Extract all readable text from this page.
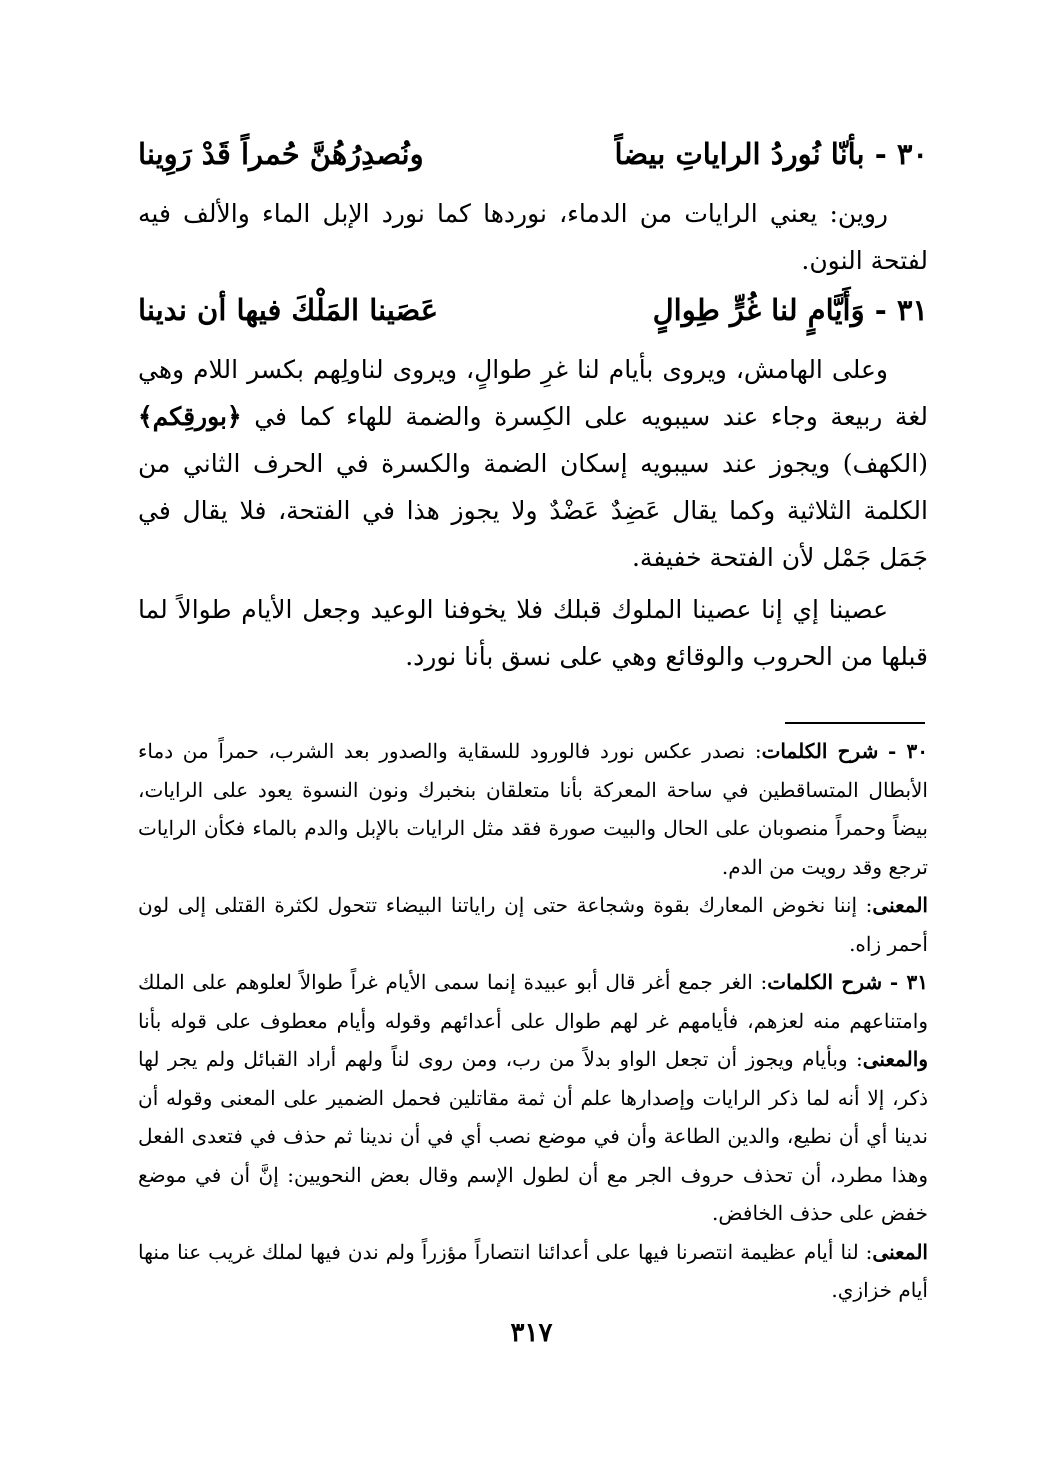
٣٠ - بأنّا نُوردُ الراياتِ بيضاً
ونُصدِرُهُنَّ حُمراً قَدْ رَوِينا
روين: يعني الرايات من الدماء، نوردها كما نورد الإبل الماء والألف فيه لفتحة النون.
٣١ - وَأَيَّامٍ لنا غُرٍّ طِوالٍ
عَصَينا المَلْكَ فيها أن ندينا
وعلى الهامش، ويروى بأيام لنا غرِ طوالٍ، ويروى لناولِهم بكسر اللام وهي لغة ربيعة وجاء عند سيبويه على الكِسرة والضمة للهاء كما في ﴿بورقِكم﴾ (الكهف) ويجوز عند سيبويه إسكان الضمة والكسرة في الحرف الثاني من الكلمة الثلاثية وكما يقال عَضِدٌ عَضْدٌ ولا يجوز هذا في الفتحة، فلا يقال في جَمَل جَمْل لأن الفتحة خفيفة.
عصينا إي إنا عصينا الملوك قبلك فلا يخوفنا الوعيد وجعل الأيام طوالاً لما قبلها من الحروب والوقائع وهي على نسق بأنا نورد.
٣٠ - شرح الكلمات: نصدر عكس نورد فالورود للسقاية والصدور بعد الشرب، حمراً من دماء الأبطال المتساقطين في ساحة المعركة بأنا متعلقان بنخبرك ونون النسوة يعود على الرايات، بيضاً وحمراً منصوبان على الحال والبيت صورة فقد مثل الرايات بالإبل والدم بالماء فكأن الرايات ترجع وقد رويت من الدم.
المعنى: إننا نخوض المعارك بقوة وشجاعة حتى إن راياتنا البيضاء تتحول لكثرة القتلى إلى لون أحمر زاه.
٣١ - شرح الكلمات: الغر جمع أغر قال أبو عبيدة إنما سمى الأيام غراً طوالاً لعلوهم على الملك وامتناعهم منه لعزهم، فأيامهم غر لهم طوال على أعدائهم وقوله وأيام معطوف على قوله بأنا والمعنى: وبأيام ويجوز أن تجعل الواو بدلاً من رب، ومن روى لناً ولهم أراد القبائل ولم يجر لها ذكر، إلا أنه لما ذكر الرايات وإصدارها علم أن ثمة مقاتلين فحمل الضمير على المعنى وقوله أن ندينا أي أن نطيع، والدين الطاعة وأن في موضع نصب أي في أن ندينا ثم حذف في فتعدى الفعل وهذا مطرد، أن تحذف حروف الجر مع أن لطول الإسم وقال بعض النحويين: إنَّ أن في موضع خفض على حذف الخافض.
المعنى: لنا أيام عظيمة انتصرنا فيها على أعدائنا انتصاراً مؤزراً ولم ندن فيها لملك غريب عنا منها أيام خزازي.
٣١٧
